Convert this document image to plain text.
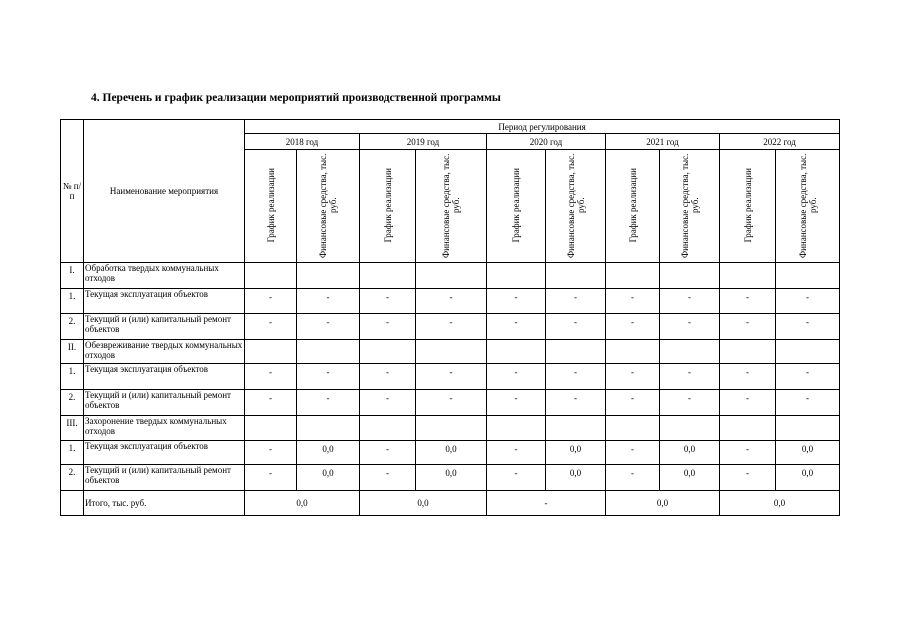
4. Перечень и график реализации мероприятий производственной программы
№ п/п	Наименование мероприятия	Период регулирования									
		2018 год		2019 год		2020 год		2021 год		2022 год	

		График реализации	Финансовые средства, тыс. руб.	График реализации	Финансовые средства, тыс. руб.	График реализации	Финансовые средства, тыс. руб.	График реализации	Финансовые средства, тыс. руб.	График реализации	Финансовые средства, тыс. руб.

I.	Обработка твердых коммунальных отходов										
1.	Текущая эксплуатация объектов	-	-	-	-	-	-	-	-	-	-
2.	Текущий и (или) капитальный ремонт объектов	-	-	-	-	-	-	-	-	-	-
II.	Обезвреживание твердых коммунальных отходов										
1.	Текущая эксплуатация объектов	-	-	-	-	-	-	-	-	-	-
2.	Текущий и (или) капитальный ремонт объектов	-	-	-	-	-	-	-	-	-	-
III.	Захоронение твердых коммунальных отходов										
1.	Текущая эксплуатация объектов	-	0,0	-	0,0	-	0,0	-	0,0	-	0,0
2.	Текущий и (или) капитальный ремонт объектов	-	0,0	-	0,0	-	0,0	-	0,0	-	0,0
	Итого, тыс. руб.	0,0		0,0		-		0,0		0,0	
